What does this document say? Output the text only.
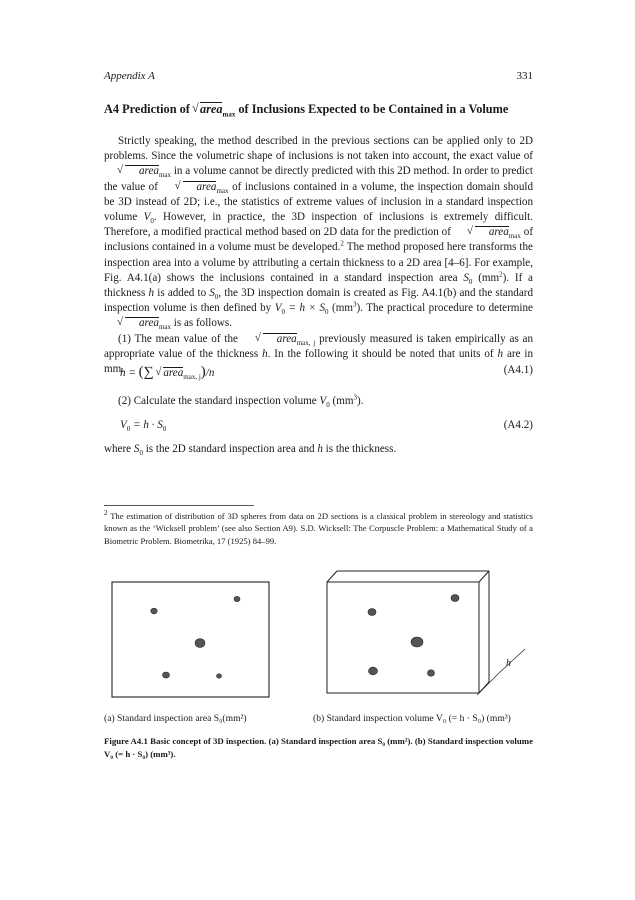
Appendix A	331
A4 Prediction of √ area$_{max}$ of Inclusions Expected to be Contained in a Volume

Strictly speaking, the method described in the previous sections can be applied only to 2D problems. Since the volumetric shape of inclusions is not taken into account, the exact value of √ area$_{max}$ in a volume cannot be directly predicted with this 2D method. In order to predict the value of	√ area$_{max}$ of inclusions contained in a volume, the inspection domain should be 3D instead of 2D; i.e., the statistics of extreme values of inclusion in a standard inspection volume $V_0$. However, in practice, the 3D inspection of inclusions is extremely difficult. Therefore, a modified practical method based on 2D data for the prediction of	√ area$_{max}$ of inclusions contained in a volume must be developed.$^2$ The method proposed here transforms the inspection area into a volume by attributing a certain thickness to a 2D area [4–6]. For example, Fig. A4.1(a) shows the inclusions contained in a standard inspection area $S_0$ $(mm^2)$. If a thickness h is added to $S_0$, the 3D inspection domain is created as Fig. A4.1(b) and the standard inspection volume is then defined by $V_0 = h \times S_0$ $(mm^3)$. The practical procedure to determine √ area$_{max}$ is as follows.

(1) The mean value of the	√ area$_{max, j}$ previously measured is taken empirically as an appropriate value of the thickness h. In the following it should be noted that units of h are in mm.

h = (∑ √ area$_{max, j}$)/n	(A4.1)
(2) Calculate the standard inspection volume $V_0$ $(mm^3)$.
$V_0 = h \cdot S_0$	(A4.2)
where $S_0$ is the 2D standard inspection area and h is the thickness.
$^2$ The estimation of distribution of 3D spheres from data on 2D sections is a classical problem in stereology and statistics known as the ‘Wicksell problem’ (see also Section A9). S.D. Wicksell: The Corpuscle Problem: a Mathematical Study of a Biometric Problem. Biometrika, 17 (1925) 84–99.
h
(a) Standard inspection area S₀(mm²)	(b) Standard inspection volume V₀ (= h · S₀) (mm³)
Figure A4.1 Basic concept of 3D inspection. (a) Standard inspection area S₀ (mm²). (b) Standard inspection volume V₀ (= h · S₀) (mm³).
